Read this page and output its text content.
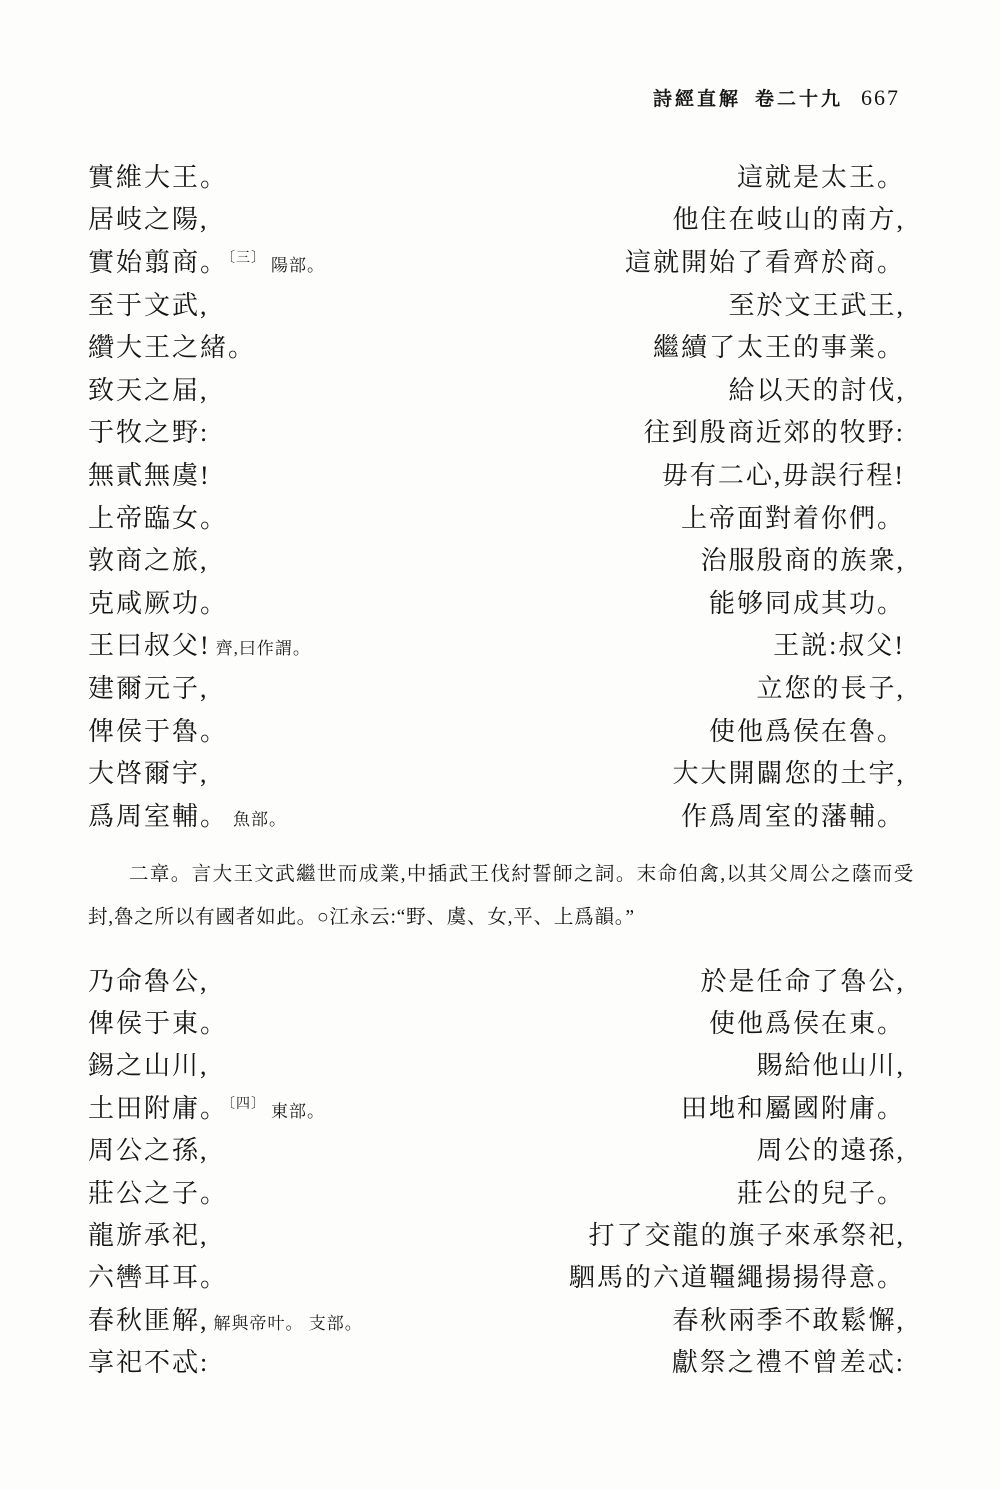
詩經直解 卷二十九 667
實維大王。	這就是太王。
居岐之陽,	他住在岐山的南方,
實始翦商。〔三〕 陽部。	這就開始了看齊於商。
至于文武,	至於文王武王,
纘大王之緒。	繼續了太王的事業。
致天之届,	給以天的討伐,
于牧之野:	往到殷商近郊的牧野:
無貳無虞!	毋有二心,毋誤行程!
上帝臨女。	上帝面對着你們。
敦商之旅,	治服殷商的族衆,
克咸厥功。	能够同成其功。
王曰叔父! 齊,曰作謂。	王説:叔父!
建爾元子,	立您的長子,
俾侯于魯。	使他爲侯在魯。
大啓爾宇,	大大開闢您的土宇,
爲周室輔。 魚部。	作爲周室的藩輔。

二章。言大王文武繼世而成業,中插武王伐紂誓師之詞。末命伯禽,以其父周公之蔭而受封,魯之所以有國者如此。○江永云:“野、虞、女,平、上爲韻。”

乃命魯公,	於是任命了魯公,
俾侯于東。	使他爲侯在東。
錫之山川,	賜給他山川,
土田附庸。〔四〕 東部。	田地和屬國附庸。
周公之孫,	周公的遠孫,
莊公之子。	莊公的兒子。
龍旂承祀,	打了交龍的旗子來承祭祀,
六轡耳耳。	駟馬的六道韁繩揚揚得意。
春秋匪解, 解與帝叶。 支部。	春秋兩季不敢鬆懈,
享祀不忒:	獻祭之禮不曾差忒:
